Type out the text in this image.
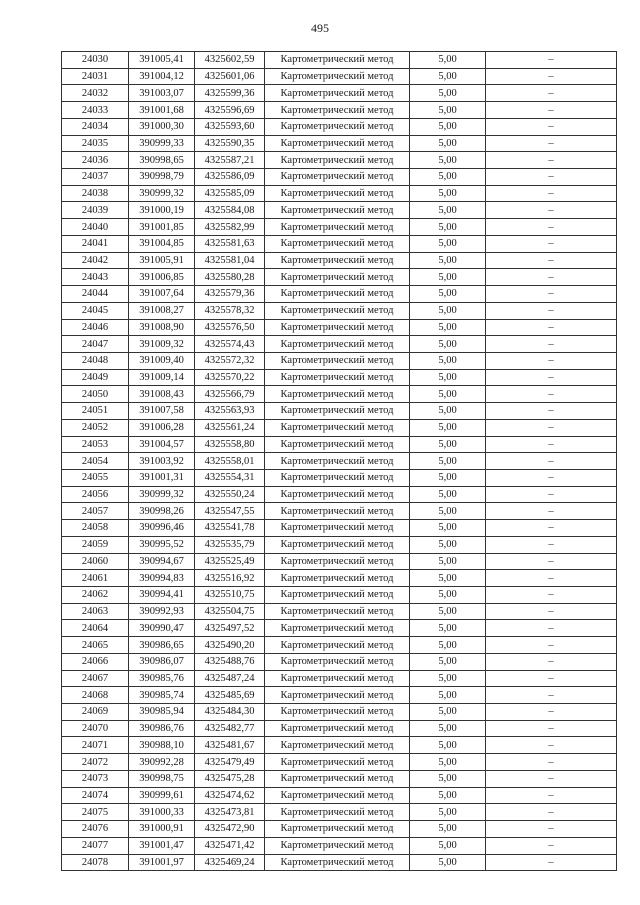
495
24030	391005,41	4325602,59	Картометрический метод	5,00	–
24031	391004,12	4325601,06	Картометрический метод	5,00	–
24032	391003,07	4325599,36	Картометрический метод	5,00	–
24033	391001,68	4325596,69	Картометрический метод	5,00	–
24034	391000,30	4325593,60	Картометрический метод	5,00	–
24035	390999,33	4325590,35	Картометрический метод	5,00	–
24036	390998,65	4325587,21	Картометрический метод	5,00	–
24037	390998,79	4325586,09	Картометрический метод	5,00	–
24038	390999,32	4325585,09	Картометрический метод	5,00	–
24039	391000,19	4325584,08	Картометрический метод	5,00	–
24040	391001,85	4325582,99	Картометрический метод	5,00	–
24041	391004,85	4325581,63	Картометрический метод	5,00	–
24042	391005,91	4325581,04	Картометрический метод	5,00	–
24043	391006,85	4325580,28	Картометрический метод	5,00	–
24044	391007,64	4325579,36	Картометрический метод	5,00	–
24045	391008,27	4325578,32	Картометрический метод	5,00	–
24046	391008,90	4325576,50	Картометрический метод	5,00	–
24047	391009,32	4325574,43	Картометрический метод	5,00	–
24048	391009,40	4325572,32	Картометрический метод	5,00	–
24049	391009,14	4325570,22	Картометрический метод	5,00	–
24050	391008,43	4325566,79	Картометрический метод	5,00	–
24051	391007,58	4325563,93	Картометрический метод	5,00	–
24052	391006,28	4325561,24	Картометрический метод	5,00	–
24053	391004,57	4325558,80	Картометрический метод	5,00	–
24054	391003,92	4325558,01	Картометрический метод	5,00	–
24055	391001,31	4325554,31	Картометрический метод	5,00	–
24056	390999,32	4325550,24	Картометрический метод	5,00	–
24057	390998,26	4325547,55	Картометрический метод	5,00	–
24058	390996,46	4325541,78	Картометрический метод	5,00	–
24059	390995,52	4325535,79	Картометрический метод	5,00	–
24060	390994,67	4325525,49	Картометрический метод	5,00	–
24061	390994,83	4325516,92	Картометрический метод	5,00	–
24062	390994,41	4325510,75	Картометрический метод	5,00	–
24063	390992,93	4325504,75	Картометрический метод	5,00	–
24064	390990,47	4325497,52	Картометрический метод	5,00	–
24065	390986,65	4325490,20	Картометрический метод	5,00	–
24066	390986,07	4325488,76	Картометрический метод	5,00	–
24067	390985,76	4325487,24	Картометрический метод	5,00	–
24068	390985,74	4325485,69	Картометрический метод	5,00	–
24069	390985,94	4325484,30	Картометрический метод	5,00	–
24070	390986,76	4325482,77	Картометрический метод	5,00	–
24071	390988,10	4325481,67	Картометрический метод	5,00	–
24072	390992,28	4325479,49	Картометрический метод	5,00	–
24073	390998,75	4325475,28	Картометрический метод	5,00	–
24074	390999,61	4325474,62	Картометрический метод	5,00	–
24075	391000,33	4325473,81	Картометрический метод	5,00	–
24076	391000,91	4325472,90	Картометрический метод	5,00	–
24077	391001,47	4325471,42	Картометрический метод	5,00	–
24078	391001,97	4325469,24	Картометрический метод	5,00	–
